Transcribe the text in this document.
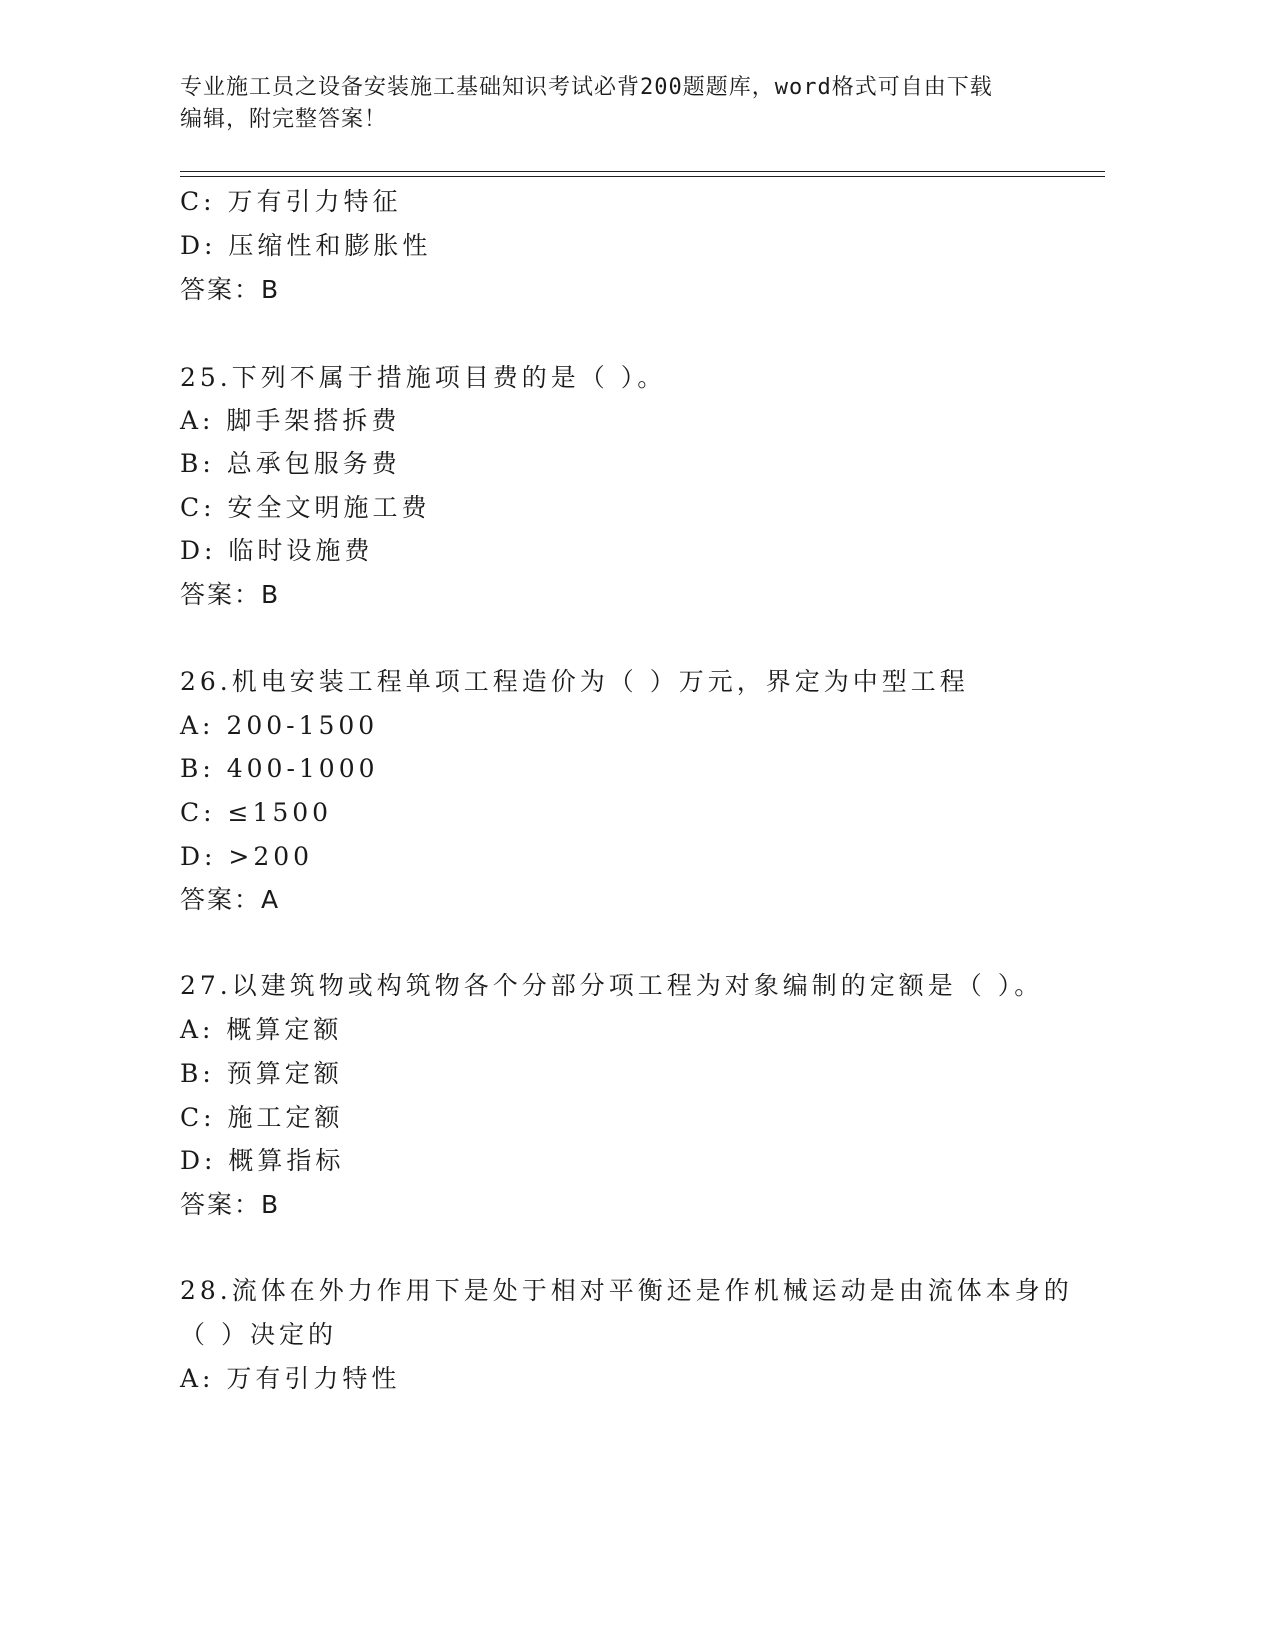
专业施工员之设备安装施工基础知识考试必背200题题库，word格式可自由下载
编辑，附完整答案！
C: 万有引力特征
D: 压缩性和膨胀性
答案：B
25.下列不属于措施项目费的是（ ）。
A: 脚手架搭拆费
B: 总承包服务费
C: 安全文明施工费
D: 临时设施费
答案：B
26.机电安装工程单项工程造价为（ ）万元，界定为中型工程
A: 200-1500
B: 400-1000
C: ≤1500
D: >200
答案：A
27.以建筑物或构筑物各个分部分项工程为对象编制的定额是（ ）。
A: 概算定额
B: 预算定额
C: 施工定额
D: 概算指标
答案：B
28.流体在外力作用下是处于相对平衡还是作机械运动是由流体本身的
（ ）决定的
A: 万有引力特性
